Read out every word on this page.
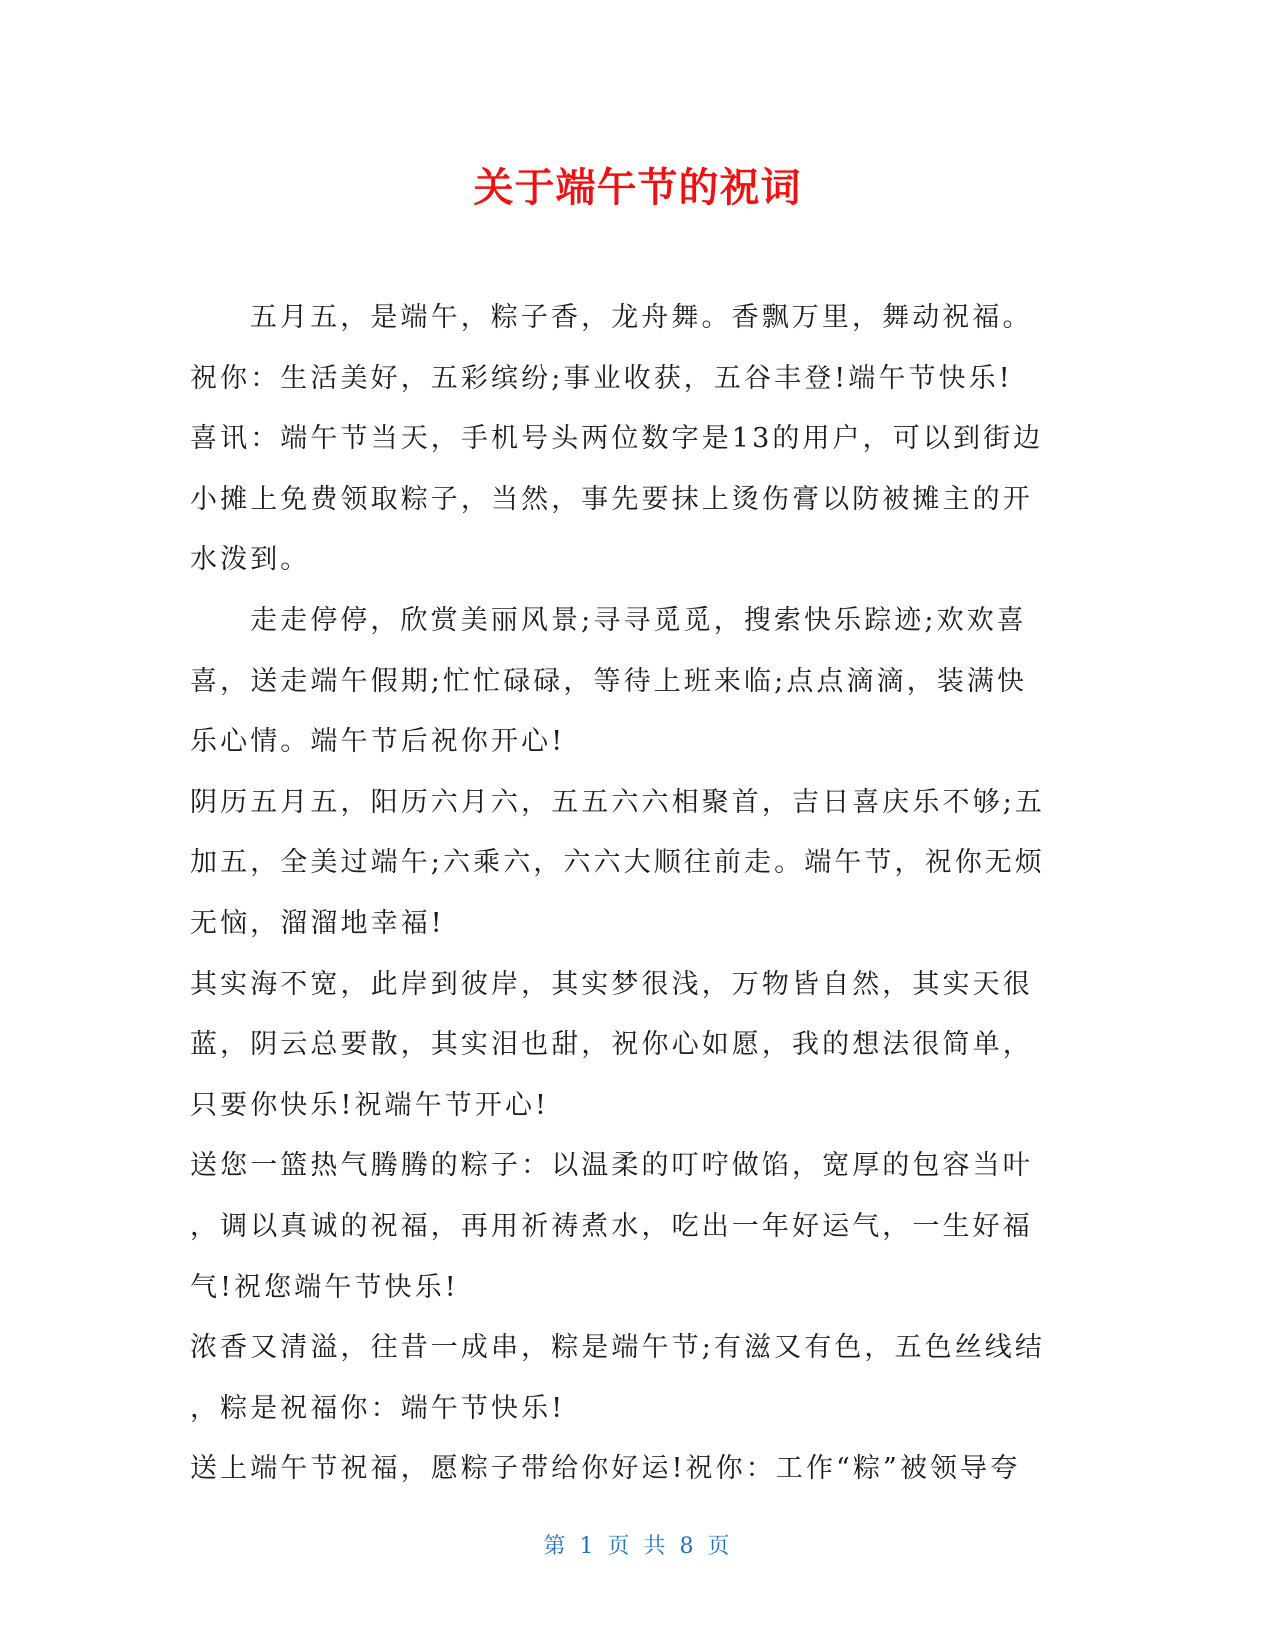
关于端午节的祝词

五月五，是端午，粽子香，龙舟舞。香飘万里，舞动祝福。
祝你：生活美好，五彩缤纷;事业收获，五谷丰登!端午节快乐!
喜讯：端午节当天，手机号头两位数字是13的用户，可以到街边
小摊上免费领取粽子，当然，事先要抹上烫伤膏以防被摊主的开
水泼到。

走走停停，欣赏美丽风景;寻寻觅觅，搜索快乐踪迹;欢欢喜
喜，送走端午假期;忙忙碌碌，等待上班来临;点点滴滴，装满快
乐心情。端午节后祝你开心!

阴历五月五，阳历六月六，五五六六相聚首，吉日喜庆乐不够;五
加五，全美过端午;六乘六，六六大顺往前走。端午节，祝你无烦
无恼，溜溜地幸福!

其实海不宽，此岸到彼岸，其实梦很浅，万物皆自然，其实天很
蓝，阴云总要散，其实泪也甜，祝你心如愿，我的想法很简单，
只要你快乐!祝端午节开心!

送您一篮热气腾腾的粽子：以温柔的叮咛做馅，宽厚的包容当叶
，调以真诚的祝福，再用祈祷煮水，吃出一年好运气，一生好福
气!祝您端午节快乐!

浓香又清溢，往昔一成串，粽是端午节;有滋又有色，五色丝线结
，粽是祝福你：端午节快乐!

送上端午节祝福，愿粽子带给你好运!祝你：工作“粽”被领导夸

第 1 页 共 8 页
